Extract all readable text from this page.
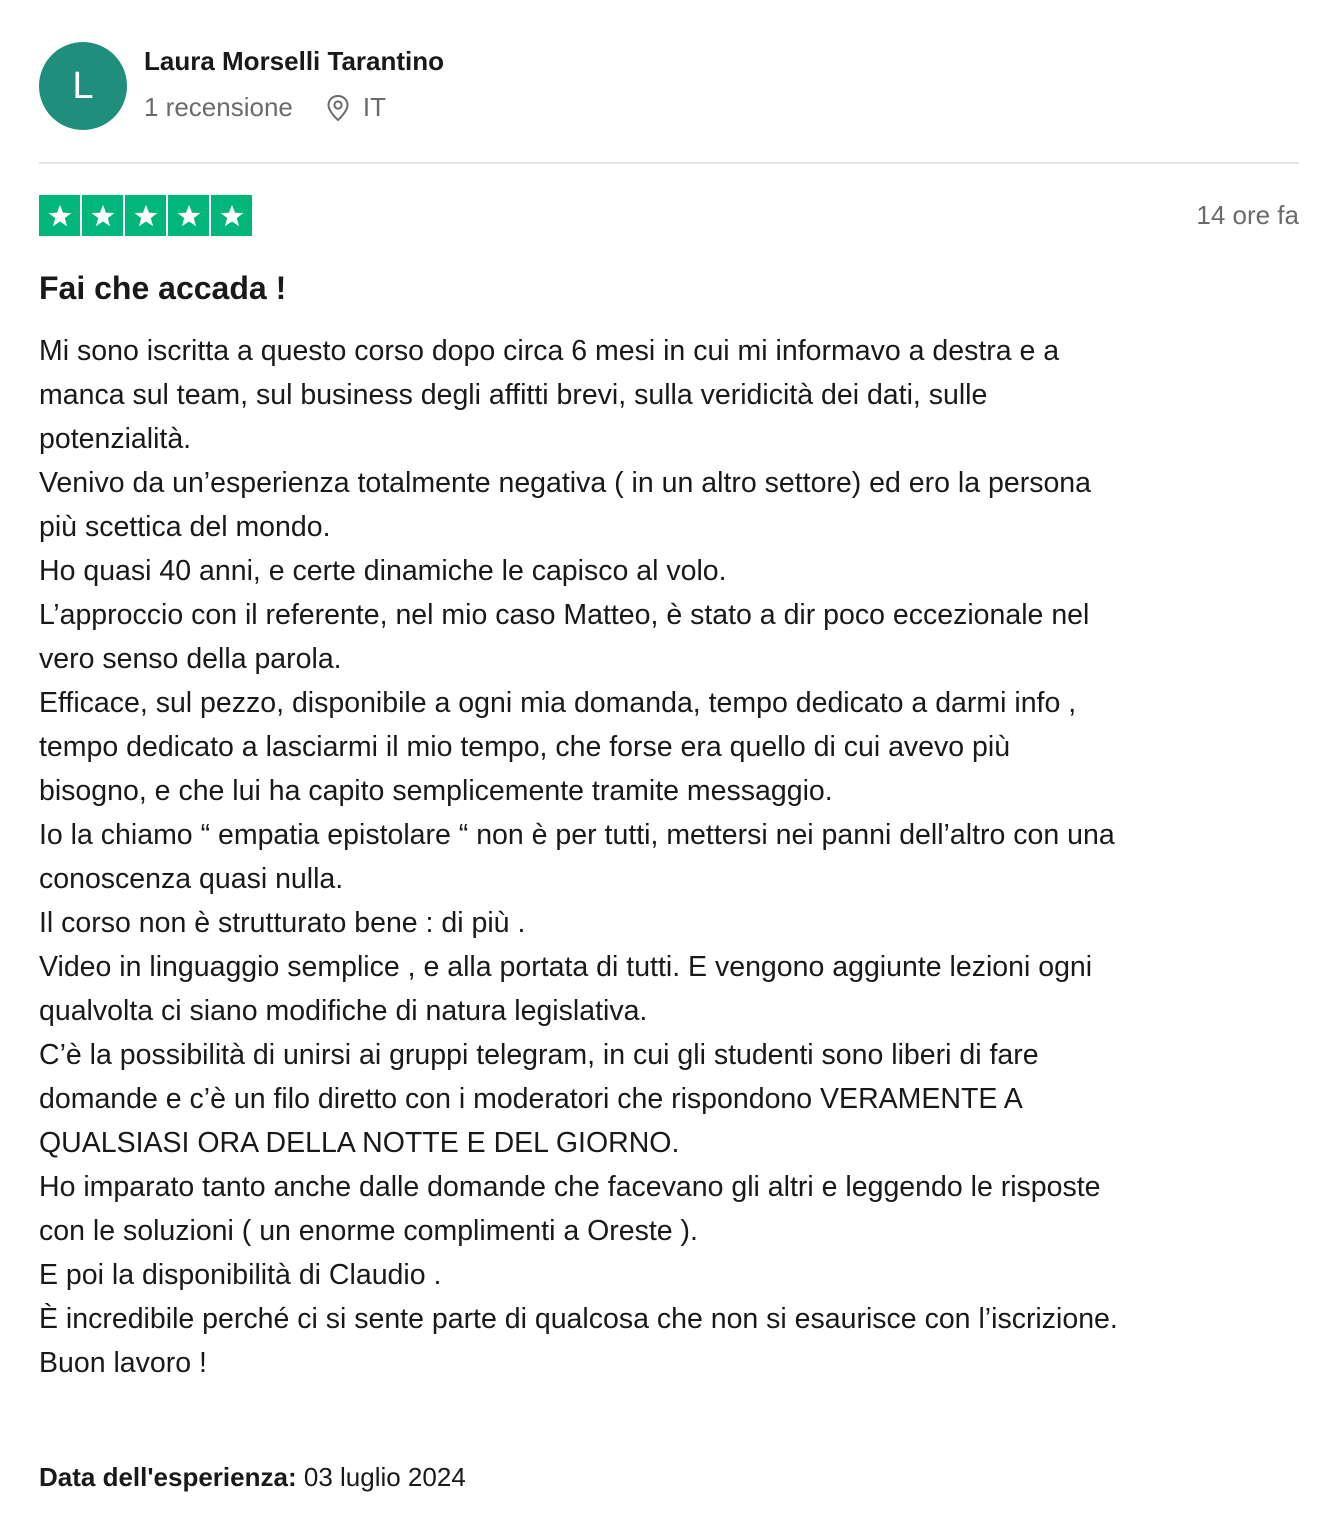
L
Laura Morselli Tarantino
1 recensione	IT
14 ore fa
Fai che accada !
Mi sono iscritta a questo corso dopo circa 6 mesi in cui mi informavo a destra e a
manca sul team, sul business degli affitti brevi, sulla veridicità dei dati, sulle
potenzialità.
Venivo da un’esperienza totalmente negativa ( in un altro settore) ed ero la persona
più scettica del mondo.
Ho quasi 40 anni, e certe dinamiche le capisco al volo.
L’approccio con il referente, nel mio caso Matteo, è stato a dir poco eccezionale nel
vero senso della parola.
Efficace, sul pezzo, disponibile a ogni mia domanda, tempo dedicato a darmi info ,
tempo dedicato a lasciarmi il mio tempo, che forse era quello di cui avevo più
bisogno, e che lui ha capito semplicemente tramite messaggio.
Io la chiamo “ empatia epistolare “ non è per tutti, mettersi nei panni dell’altro con una
conoscenza quasi nulla.
Il corso non è strutturato bene : di più .
Video in linguaggio semplice , e alla portata di tutti. E vengono aggiunte lezioni ogni
qualvolta ci siano modifiche di natura legislativa.
C’è la possibilità di unirsi ai gruppi telegram, in cui gli studenti sono liberi di fare
domande e c’è un filo diretto con i moderatori che rispondono VERAMENTE A
QUALSIASI ORA DELLA NOTTE E DEL GIORNO.
Ho imparato tanto anche dalle domande che facevano gli altri e leggendo le risposte
con le soluzioni ( un enorme complimenti a Oreste ).
E poi la disponibilità di Claudio .
È incredibile perché ci si sente parte di qualcosa che non si esaurisce con l’iscrizione.
Buon lavoro !
Data dell'esperienza: 03 luglio 2024
